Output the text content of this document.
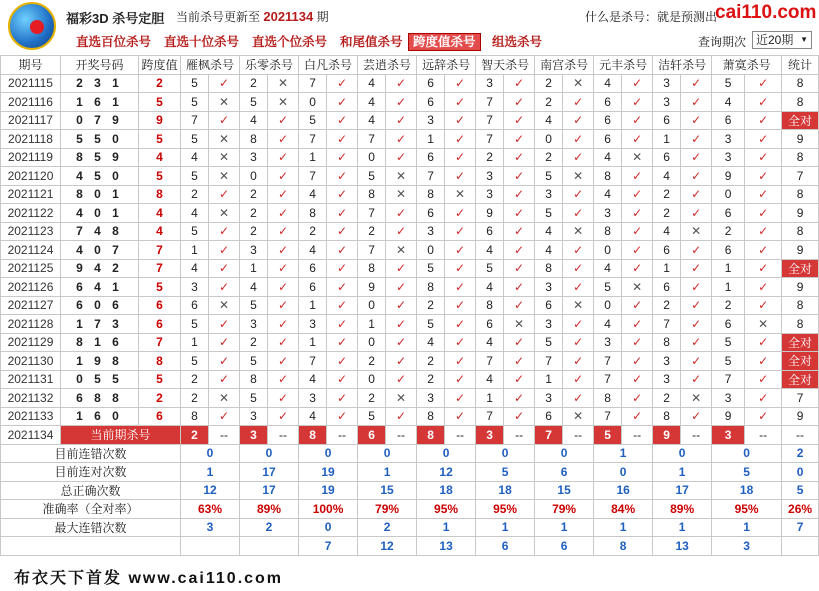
福彩3D 杀号定胆 当前杀号更新至 2021134 期	什么是杀号：就是预测出
cai110.com
直选百位杀号 直选十位杀号 直选个位杀号 和尾值杀号 跨度值杀号	组选杀号	查询期次 近20期 ▼
期号	开奖号码	跨度值	雁枫杀号		乐零杀号		白凡杀号		芸逍杀号		远辞杀号		智天杀号		南宫杀号		元丰杀号		洁轩杀号		萧寞杀号		统计
2021115	2 3 1	2	5	✓	2	✕	7	✓	4	✓	6	✓	3	✓	2	✕	4	✓	3	✓	5	✓	8
2021116	1 6 1	5	5	✕	5	✕	0	✓	4	✓	6	✓	7	✓	2	✓	6	✓	3	✓	4	✓	8
2021117	0 7 9	9	7	✓	4	✓	5	✓	4	✓	3	✓	7	✓	4	✓	6	✓	6	✓	6	✓	全对
2021118	5 5 0	5	5	✕	8	✓	7	✓	7	✓	1	✓	7	✓	0	✓	6	✓	1	✓	3	✓	9
2021119	8 5 9	4	4	✕	3	✓	1	✓	0	✓	6	✓	2	✓	2	✓	4	✕	6	✓	3	✓	8
2021120	4 5 0	5	5	✕	0	✓	7	✓	5	✕	7	✓	3	✓	5	✕	8	✓	4	✓	9	✓	7
2021121	8 0 1	8	2	✓	2	✓	4	✓	8	✕	8	✕	3	✓	3	✓	4	✓	2	✓	0	✓	8
2021122	4 0 1	4	4	✕	2	✓	8	✓	7	✓	6	✓	9	✓	5	✓	3	✓	2	✓	6	✓	9
2021123	7 4 8	4	5	✓	2	✓	2	✓	2	✓	3	✓	6	✓	4	✕	8	✓	4	✕	2	✓	8
2021124	4 0 7	7	1	✓	3	✓	4	✓	7	✕	0	✓	4	✓	4	✓	0	✓	6	✓	6	✓	9
2021125	9 4 2	7	4	✓	1	✓	6	✓	8	✓	5	✓	5	✓	8	✓	4	✓	1	✓	1	✓	全对
2021126	6 4 1	5	3	✓	4	✓	6	✓	9	✓	8	✓	4	✓	3	✓	5	✕	6	✓	1	✓	9
2021127	6 0 6	6	6	✕	5	✓	1	✓	0	✓	2	✓	8	✓	6	✕	0	✓	2	✓	2	✓	8
2021128	1 7 3	6	5	✓	3	✓	3	✓	1	✓	5	✓	6	✕	3	✓	4	✓	7	✓	6	✕	8
2021129	8 1 6	7	1	✓	2	✓	1	✓	0	✓	4	✓	4	✓	5	✓	3	✓	8	✓	5	✓	全对
2021130	1 9 8	8	5	✓	5	✓	7	✓	2	✓	2	✓	7	✓	7	✓	7	✓	3	✓	5	✓	全对
2021131	0 5 5	5	2	✓	8	✓	4	✓	0	✓	2	✓	4	✓	1	✓	7	✓	3	✓	7	✓	全对
2021132	6 8 8	2	2	✕	5	✓	3	✓	2	✕	3	✓	1	✓	3	✓	8	✓	2	✕	3	✓	7
2021133	1 6 0	6	8	✓	3	✓	4	✓	5	✓	8	✓	7	✓	6	✕	7	✓	8	✓	9	✓	9
2021134	当前期杀号		2	--	3	--	8	--	6	--	8	--	3	--	7	--	5	--	9	--	3	--	--
目前连错次数			0		0		0		0		0		0		0		1		0		0		2
目前连对次数			1		17		19		1		12		5		6		0		1		5		0
总正确次数			12		17		19		15		18		18		15		16		17		18		5
准确率（全对率）			63%		89%		100%		79%		95%		95%		79%		84%		89%		95%		26%
最大连错次数			3		2		0		2		1		1		1		1		1		1		7
							7		12		13		6		6		8		13		3		
布衣天下首发 www.cai110.com
